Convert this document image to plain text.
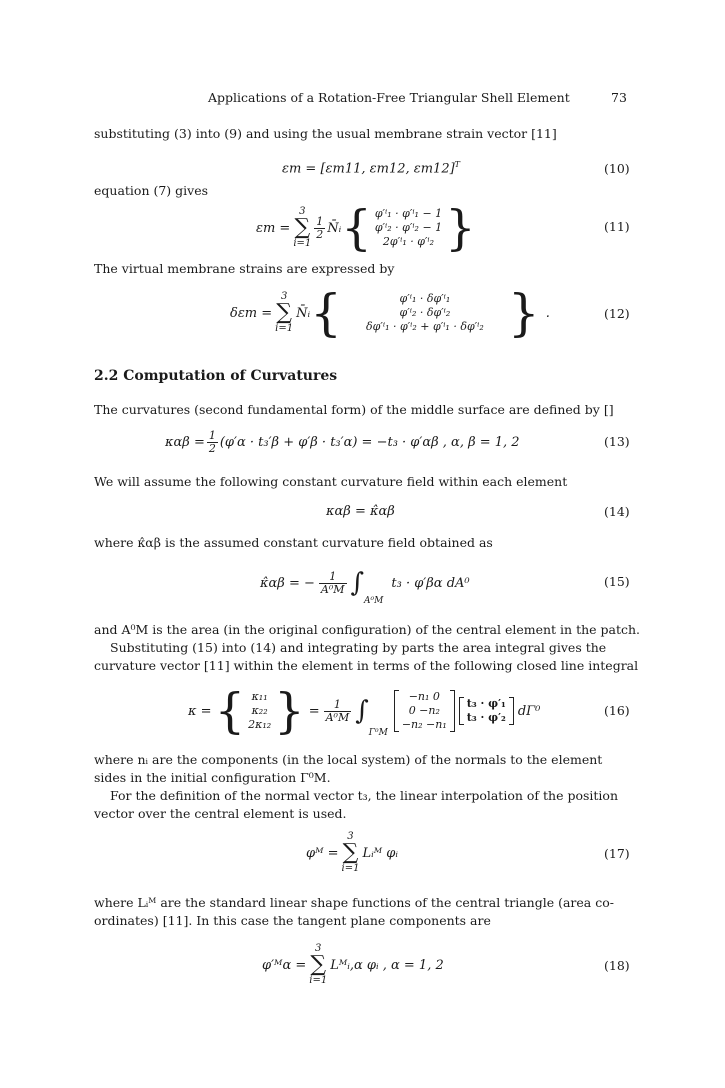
Applications of a Rotation-Free Triangular Shell Element	73
substituting (3) into (9) and using the usual membrane strain vector [11]
εm = [εm11, εm12, εm12]$^T$	(10)
equation (7) gives
εm =
3
∑
i=1
$\frac{1}{2}$ N̄ᵢ { φ′ⁱ₁ · φ′ⁱ₁ − 1
φ′ⁱ₂ · φ′ⁱ₂ − 1
2φ′ⁱ₁ · φ′ⁱ₂ }	(11)
The virtual membrane strains are expressed by
δεm =
3
∑
i=1
N̄ᵢ {	φ′ⁱ₁ · δφ′ⁱ₁
φ′ⁱ₂ · δφ′ⁱ₂
δφ′ⁱ₁ · φ′ⁱ₂ + φ′ⁱ₁ · δφ′ⁱ₂ } .	(12)
2.2 Computation of Curvatures
The curvatures (second fundamental form) of the middle surface are defined by []
$\kappa\alpha\beta = \frac{1}{2} (\varphi'\alpha \cdot t_3'\beta + \varphi'\beta \cdot t_3'\alpha) = -t_3 \cdot \varphi'\alpha\beta$ , α, β = 1, 2	(13)
We will assume the following constant curvature field within each element
καβ = κ̂αβ	(14)
where κ̂αβ is the assumed constant curvature field obtained as
κ̂αβ = − $\frac{1}{\text{A⁰M}}$ ∫
A⁰M
t₃ · φ′βα dA⁰	(15)
and A⁰M is the area (in the original configuration) of the central element in the patch.
Substituting (15) into (14) and integrating by parts the area integral gives the
curvature vector [11] within the element in terms of the following closed line integral
κ = { κ₁₁
κ₂₂
2κ₁₂ } = $\frac{1}{\text{A⁰M}}$ ∫
Γ⁰M
−n₁ 0
0 −n₂
−n₂ −n₁
t₃ · φ′₁
t₃ · φ′₂ dΓ⁰	(16)
where nᵢ are the components (in the local system) of the normals to the element
sides in the initial configuration Γ⁰M.
For the definition of the normal vector t₃, the linear interpolation of the position
vector over the central element is used.
φᴹ =
3
∑
i=1
Lᵢᴹ φᵢ	(17)
where Lᵢᴹ are the standard linear shape functions of the central triangle (area co-
ordinates) [11]. In this case the tangent plane components are
φ′ᴹα =
3
∑
i=1
Lᴹᵢ,α φᵢ , α = 1, 2	(18)
